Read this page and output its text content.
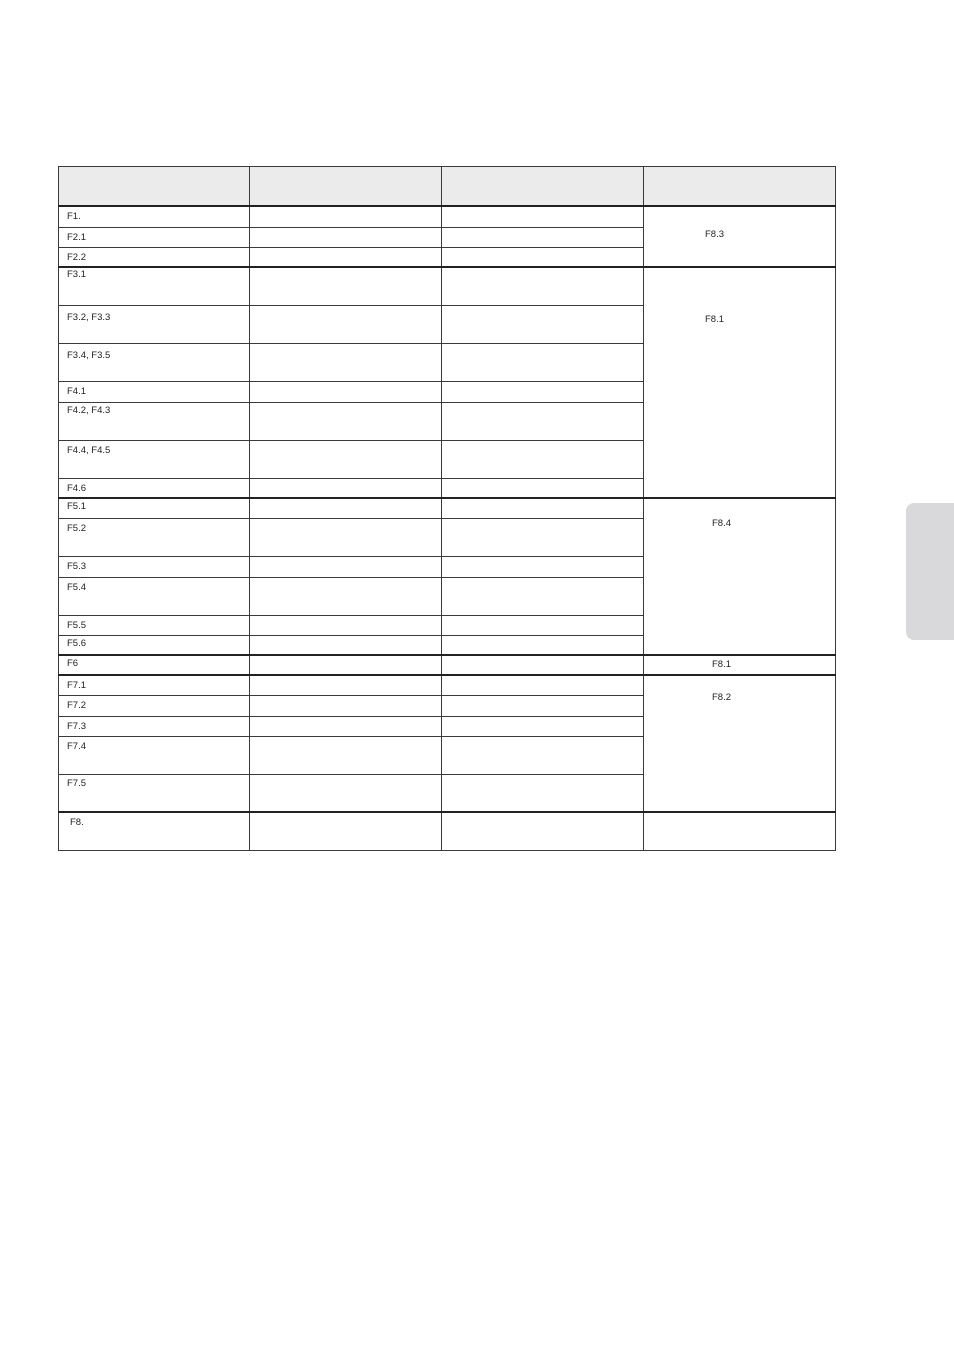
F1.			F8.3

F2.1			
F2.2			
F3.1			F8.1

F3.2, F3.3			
F3.4, F3.5			
F4.1			
F4.2, F4.3			
F4.4, F4.5			
F4.6			
F5.1			F8.4

F5.2			
F5.3			
F5.4			
F5.5			
F5.6			
F6			F8.1

F7.1			F8.2

F7.2			
F7.3			
F7.4			
F7.5			
F8.			
